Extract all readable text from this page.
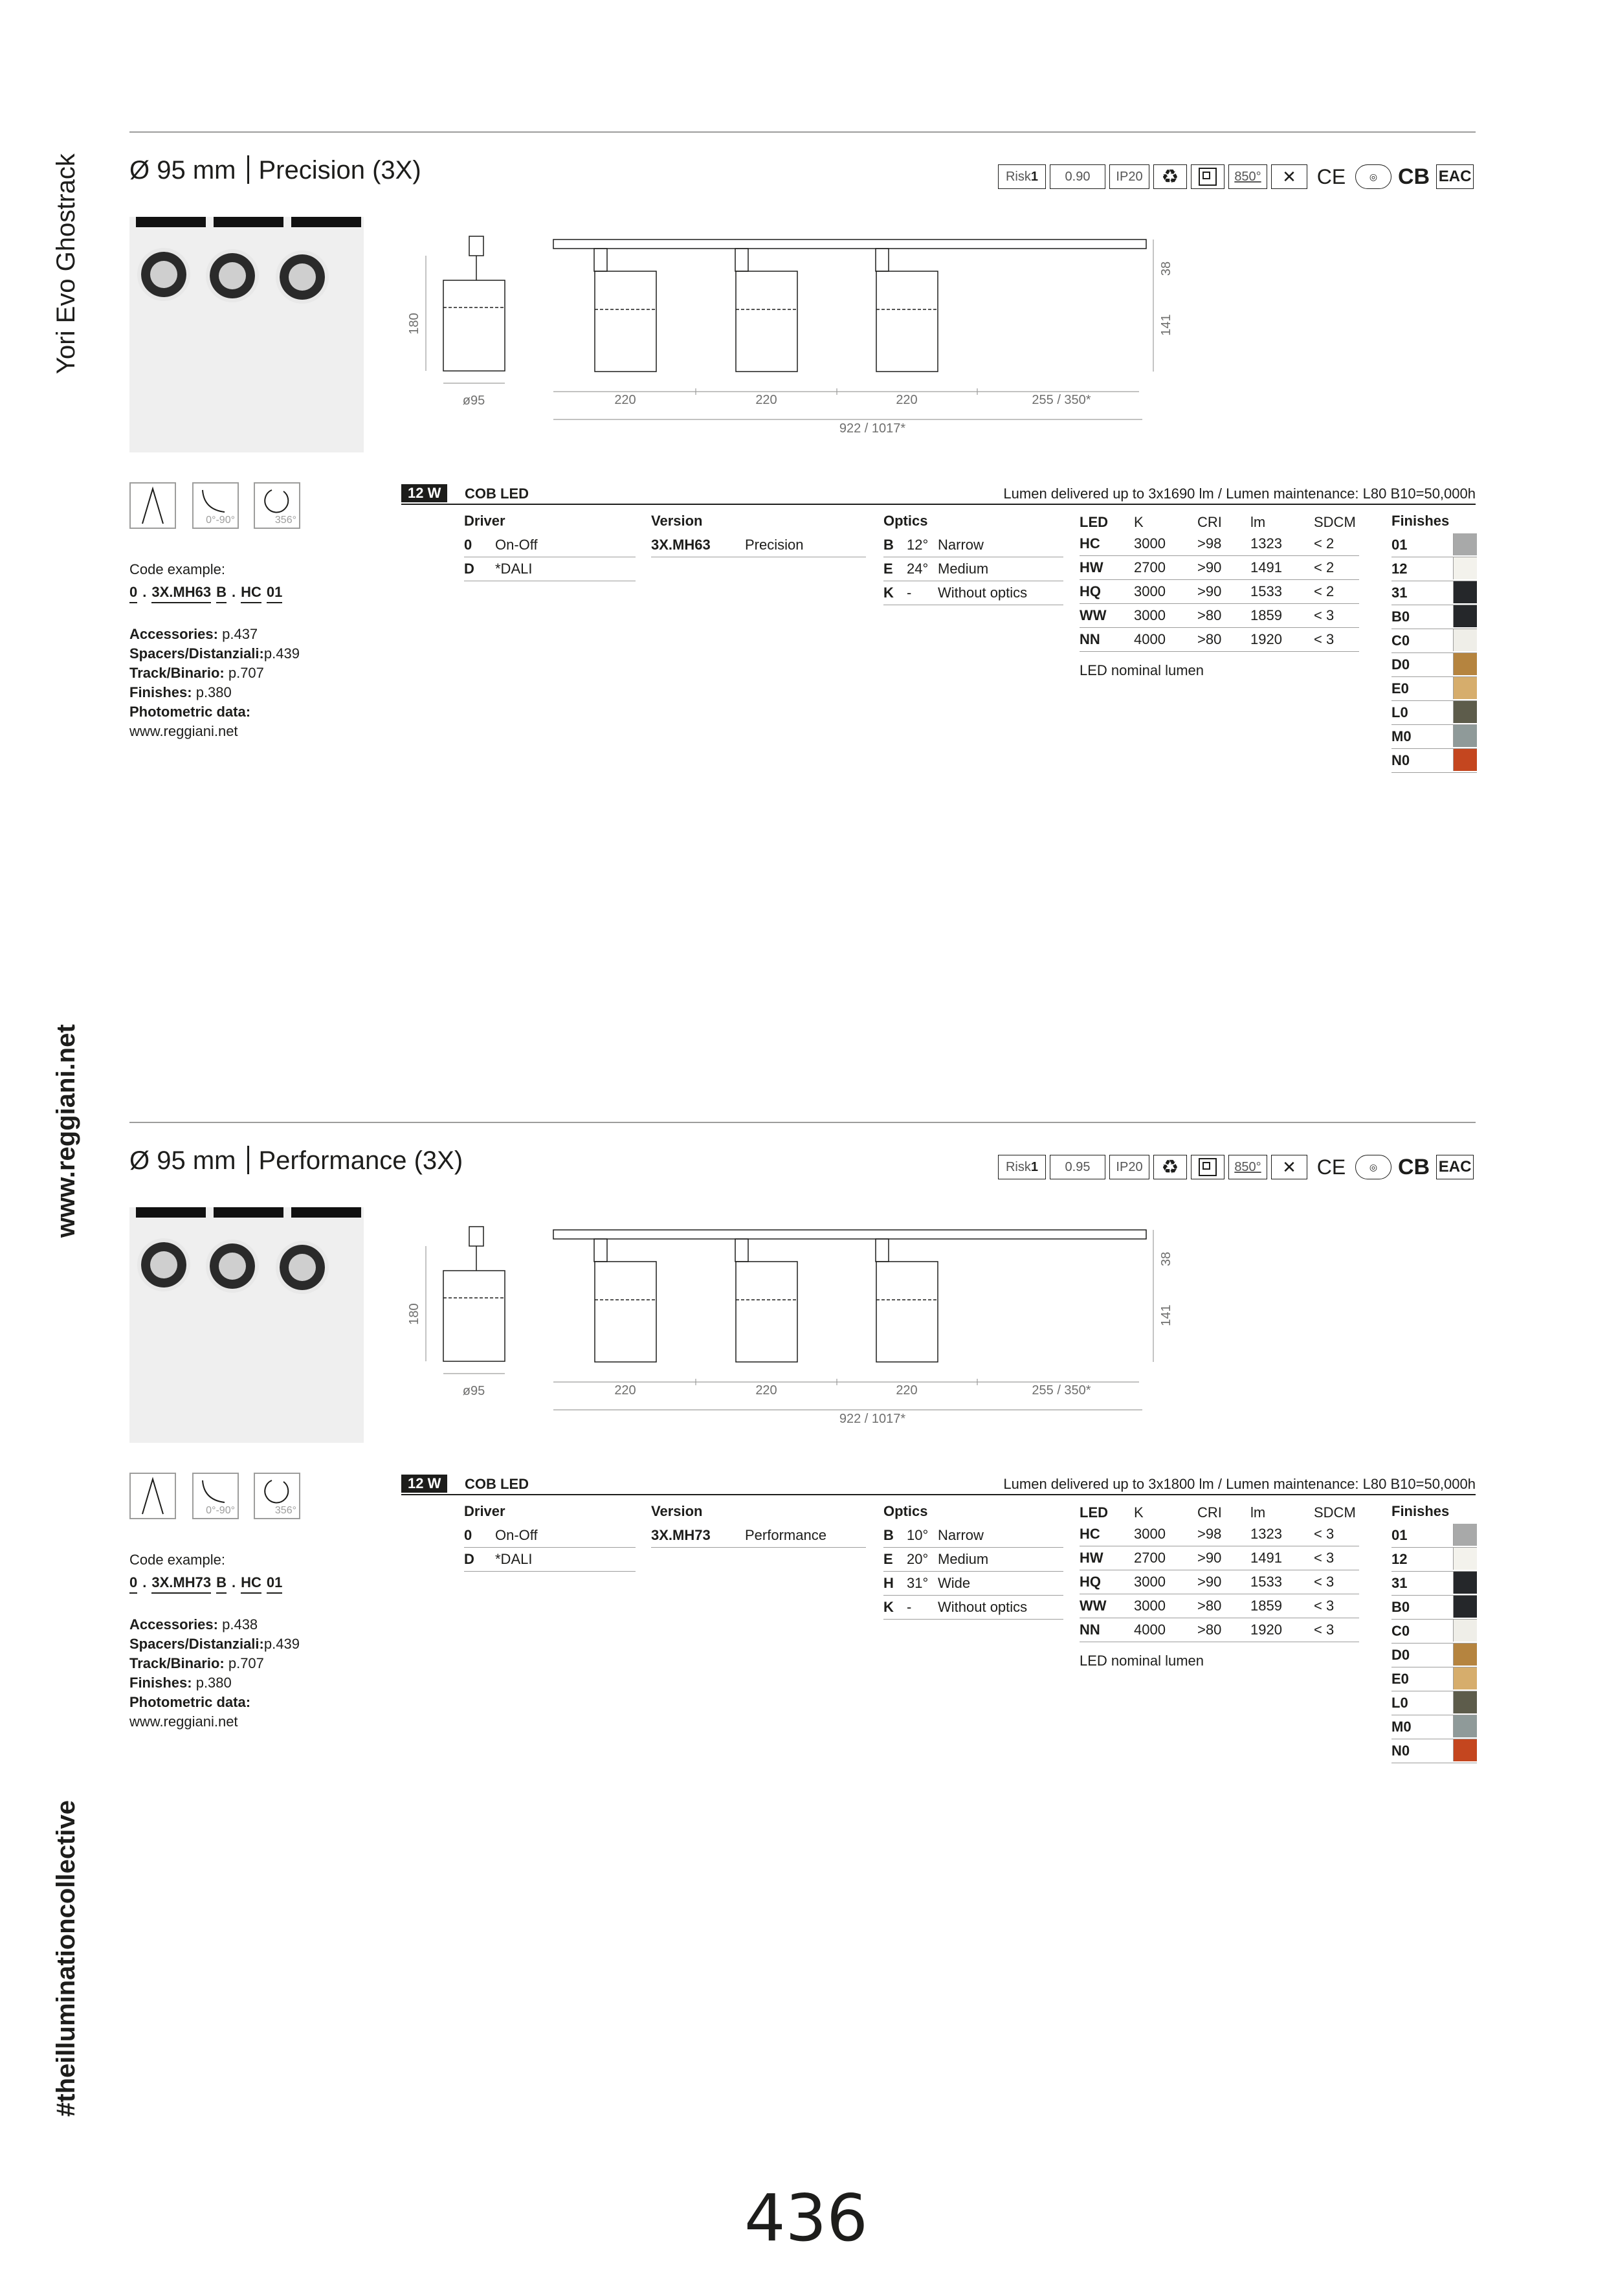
Yori Evo Ghostrack
www.reggiani.net
#theilluminationcollective
Ø 95 mm Precision (3X)	Risk 1	0.90	IP20 ♻	850°	✕ CE	◎ CB EAC
180
ø95	220	220	220	255 / 350*
922 / 1017*
38
141
0°-90°	356°
Code example:
0 . 3X.MH63 B . HC 01
Accessories: p.437
Spacers/Distanziali:p.439
Track/Binario: p.707
Finishes: p.380
Photometric data:
www.reggiani.net
12 W	COB LED	Lumen delivered up to 3x1690 lm / Lumen maintenance: L80 B10=50,000h
Driver
0	On-Off
D	*DALI
Version
3X.MH63	Precision
Optics
B 12° Narrow
E 24° Medium
K -	Without optics
LED	K	CRI	lm	SDCM
HC	3000	>98	1323	< 2
HW	2700	>90	1491	< 2
HQ	3000	>90	1533	< 2
WW	3000	>80	1859	< 3
NN	4000	>80	1920	< 3
LED nominal lumen
Finishes
01
12
31
B0
C0
D0
E0
L0
M0
N0
Ø 95 mm Performance (3X)	Risk 1	0.95	IP20 ♻	850°	✕ CE	◎ CB EAC
180
ø95	220	220	220	255 / 350*
922 / 1017*
38
141
0°-90°	356°
Code example:
0 . 3X.MH73 B . HC 01
Accessories: p.438
Spacers/Distanziali:p.439
Track/Binario: p.707
Finishes: p.380
Photometric data:
www.reggiani.net
12 W	COB LED	Lumen delivered up to 3x1800 lm / Lumen maintenance: L80 B10=50,000h
Driver
0	On-Off
D	*DALI
Version
3X.MH73	Performance
Optics
B 10° Narrow
E 20° Medium
H 31° Wide
K -	Without optics
LED	K	CRI	lm	SDCM
HC	3000	>98	1323	< 3
HW	2700	>90	1491	< 3
HQ	3000	>90	1533	< 3
WW	3000	>80	1859	< 3
NN	4000	>80	1920	< 3
LED nominal lumen
Finishes
01
12
31
B0
C0
D0
E0
L0
M0
N0
436
